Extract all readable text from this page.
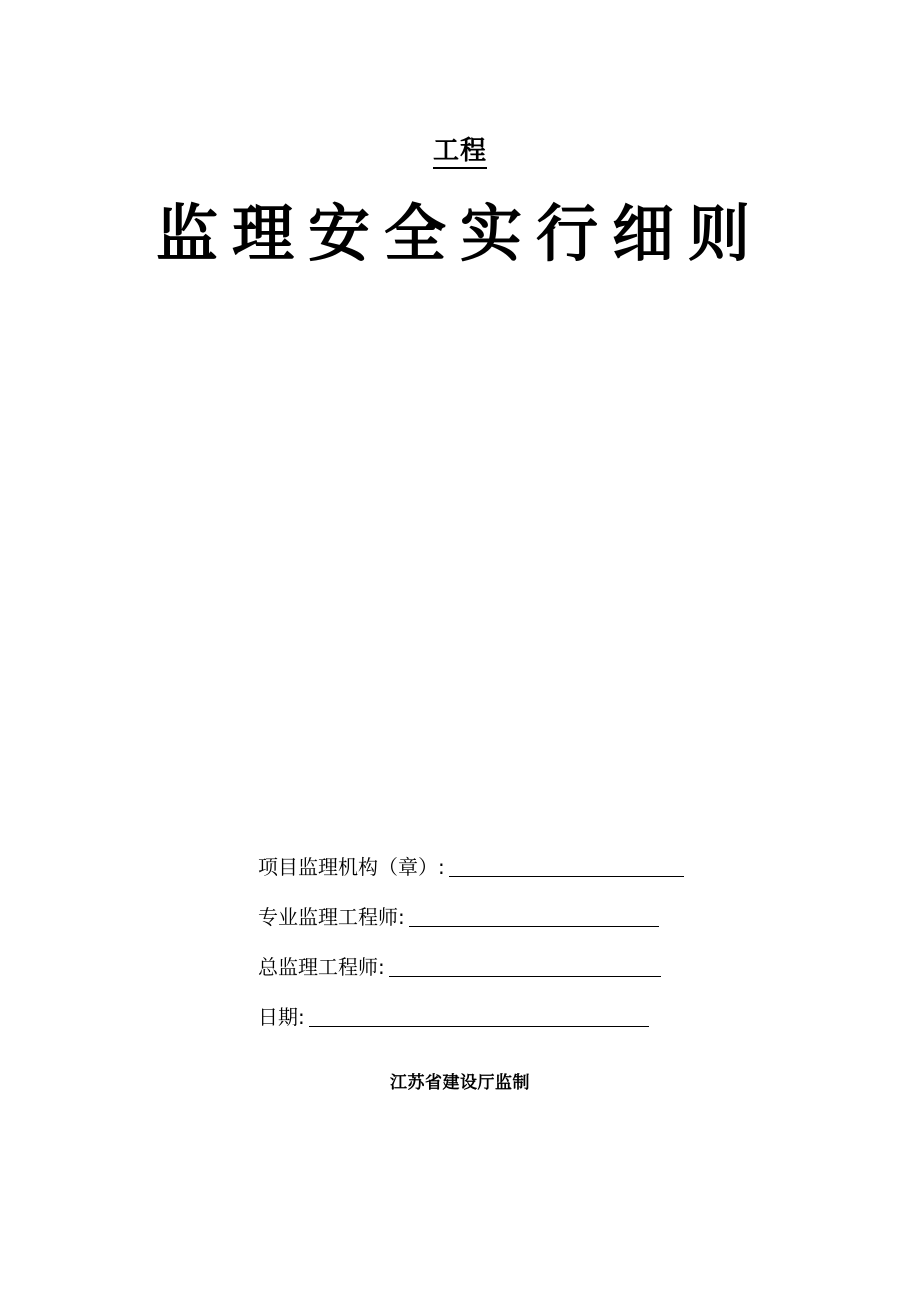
工程
监理安全实行细则
项目监理机构（章）:
专业监理工程师:
总监理工程师:
日期:
江苏省建设厅监制
